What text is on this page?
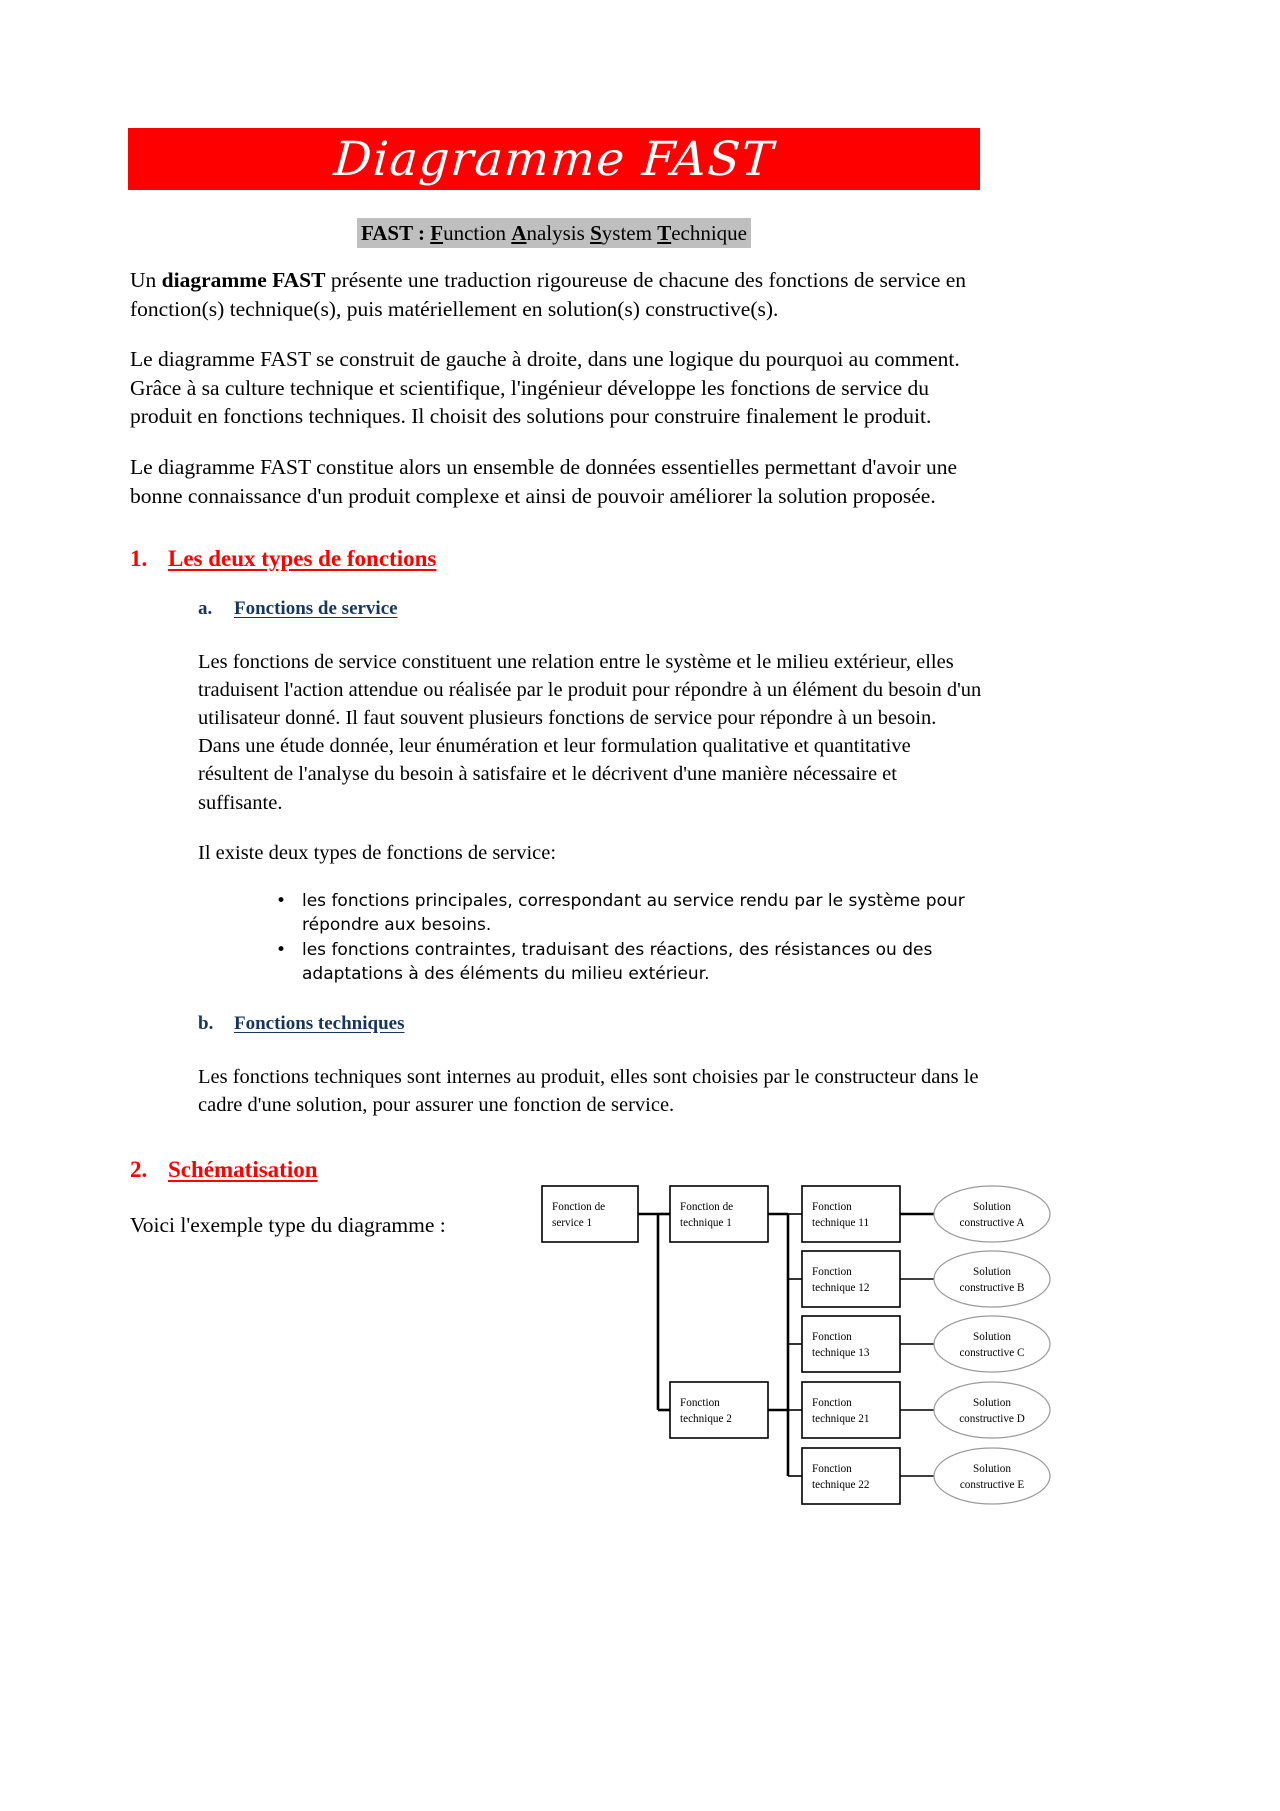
Diagramme FAST
FAST : Function Analysis System Technique

Un diagramme FAST présente une traduction rigoureuse de chacune des fonctions de service en fonction(s) technique(s), puis matériellement en solution(s) constructive(s).

Le diagramme FAST se construit de gauche à droite, dans une logique du pourquoi au comment. Grâce à sa culture technique et scientifique, l'ingénieur développe les fonctions de service du produit en fonctions techniques. Il choisit des solutions pour construire finalement le produit.

Le diagramme FAST constitue alors un ensemble de données essentielles permettant d'avoir une bonne connaissance d'un produit complexe et ainsi de pouvoir améliorer la solution proposée.

1. Les deux types de fonctions
a.	Fonctions de service

Les fonctions de service constituent une relation entre le système et le milieu extérieur, elles traduisent l'action attendue ou réalisée par le produit pour répondre à un élément du besoin d'un utilisateur donné. Il faut souvent plusieurs fonctions de service pour répondre à un besoin. Dans une étude donnée, leur énumération et leur formulation qualitative et quantitative résultent de l'analyse du besoin à satisfaire et le décrivent d'une manière nécessaire et suffisante.

Il existe deux types de fonctions de service:

• les fonctions principales, correspondant au service rendu par le système pour répondre aux besoins.
• les fonctions contraintes, traduisant des réactions, des résistances ou des adaptations à des éléments du milieu extérieur.
b.	Fonctions techniques

Les fonctions techniques sont internes au produit, elles sont choisies par le constructeur dans le cadre d'une solution, pour assurer une fonction de service.

2. Schématisation

Voici l'exemple type du diagramme :

Fonction de
service 1
Fonction de
technique 1
Fonction
technique 2
Fonction
technique 11
Fonction
technique 12
Fonction
technique 13
Fonction
technique 21
Fonction
technique 22
Solution
constructive A
Solution
constructive B
Solution
constructive C
Solution
constructive D
Solution
constructive E
